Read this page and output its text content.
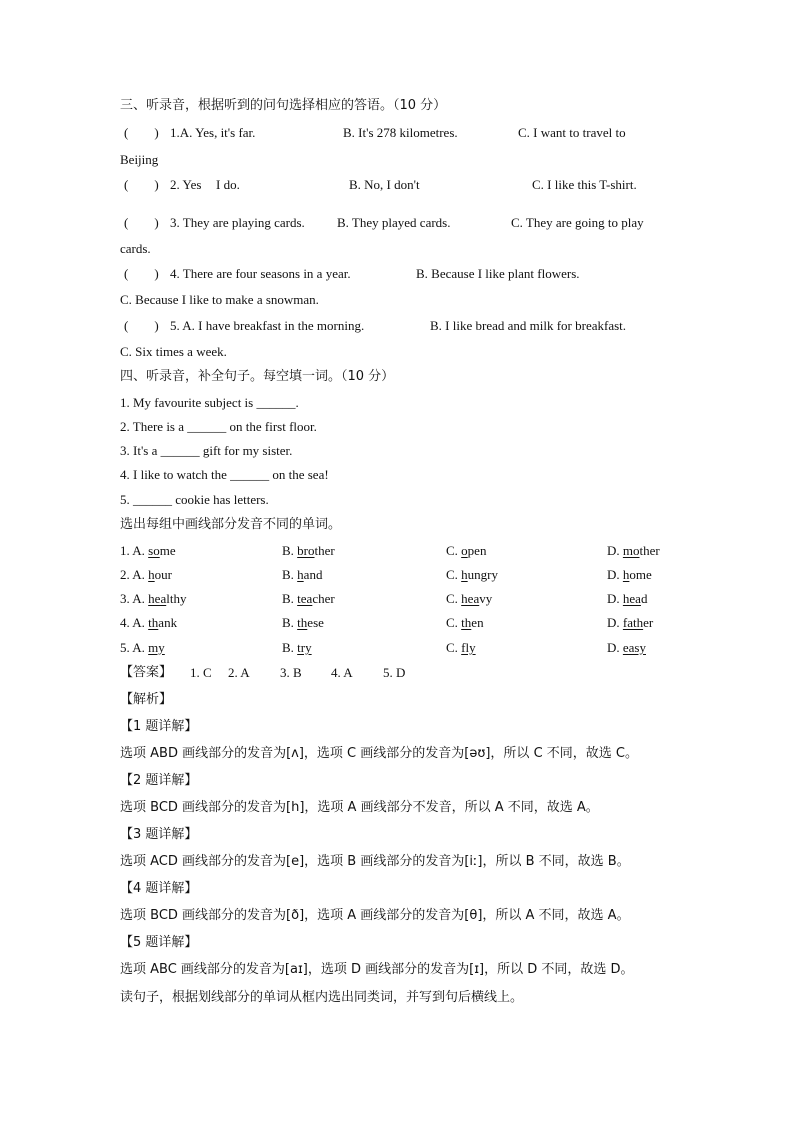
三、听录音，根据听到的问句选择相应的答语。（10 分）
(　　) 1.A. Yes, it's far.	B. It's 278 kilometres.	C. I want to travel to
Beijing
(　　) 2. Yes I do.	B. No, I don't	C. I like this T-shirt.
(　　) 3. They are playing cards. B. They played cards.	C. They are going to play
cards.
(　　) 4. There are four seasons in a year.	B. Because I like plant flowers.
C. Because I like to make a snowman.
(　　) 5. A. I have breakfast in the morning.	B. I like bread and milk for breakfast.
C. Six times a week.
四、听录音，补全句子。每空填一词。（10 分）
1. My favourite subject is ______.
2. There is a ______ on the first floor.
3. It's a ______ gift for my sister.
4. I like to watch the ______ on the sea!
5. ______ cookie has letters.
选出每组中画线部分发音不同的单词。
1. A. some	B. brother	C. open	D. mother
2. A. hour	B. hand	C. hungry	D. home
3. A. healthy	B. teacher	C. heavy	D. head
4. A. thank	B. these	C. then	D. father
5. A. my	B. try	C. fly	D. easy
【答案】 1. C 2. A 3. B 4. A 5. D
【解析】
【1 题详解】
选项 ABD 画线部分的发音为[ʌ]，选项 C 画线部分的发音为[əʊ]，所以 C 不同，故选 C。
【2 题详解】
选项 BCD 画线部分的发音为[h]，选项 A 画线部分不发音，所以 A 不同，故选 A。
【3 题详解】
选项 ACD 画线部分的发音为[e]，选项 B 画线部分的发音为[iː]，所以 B 不同，故选 B。
【4 题详解】
选项 BCD 画线部分的发音为[ð]，选项 A 画线部分的发音为[θ]，所以 A 不同，故选 A。
【5 题详解】
选项 ABC 画线部分的发音为[aɪ]，选项 D 画线部分的发音为[ɪ]，所以 D 不同，故选 D。
读句子，根据划线部分的单词从框内选出同类词，并写到句后横线上。
